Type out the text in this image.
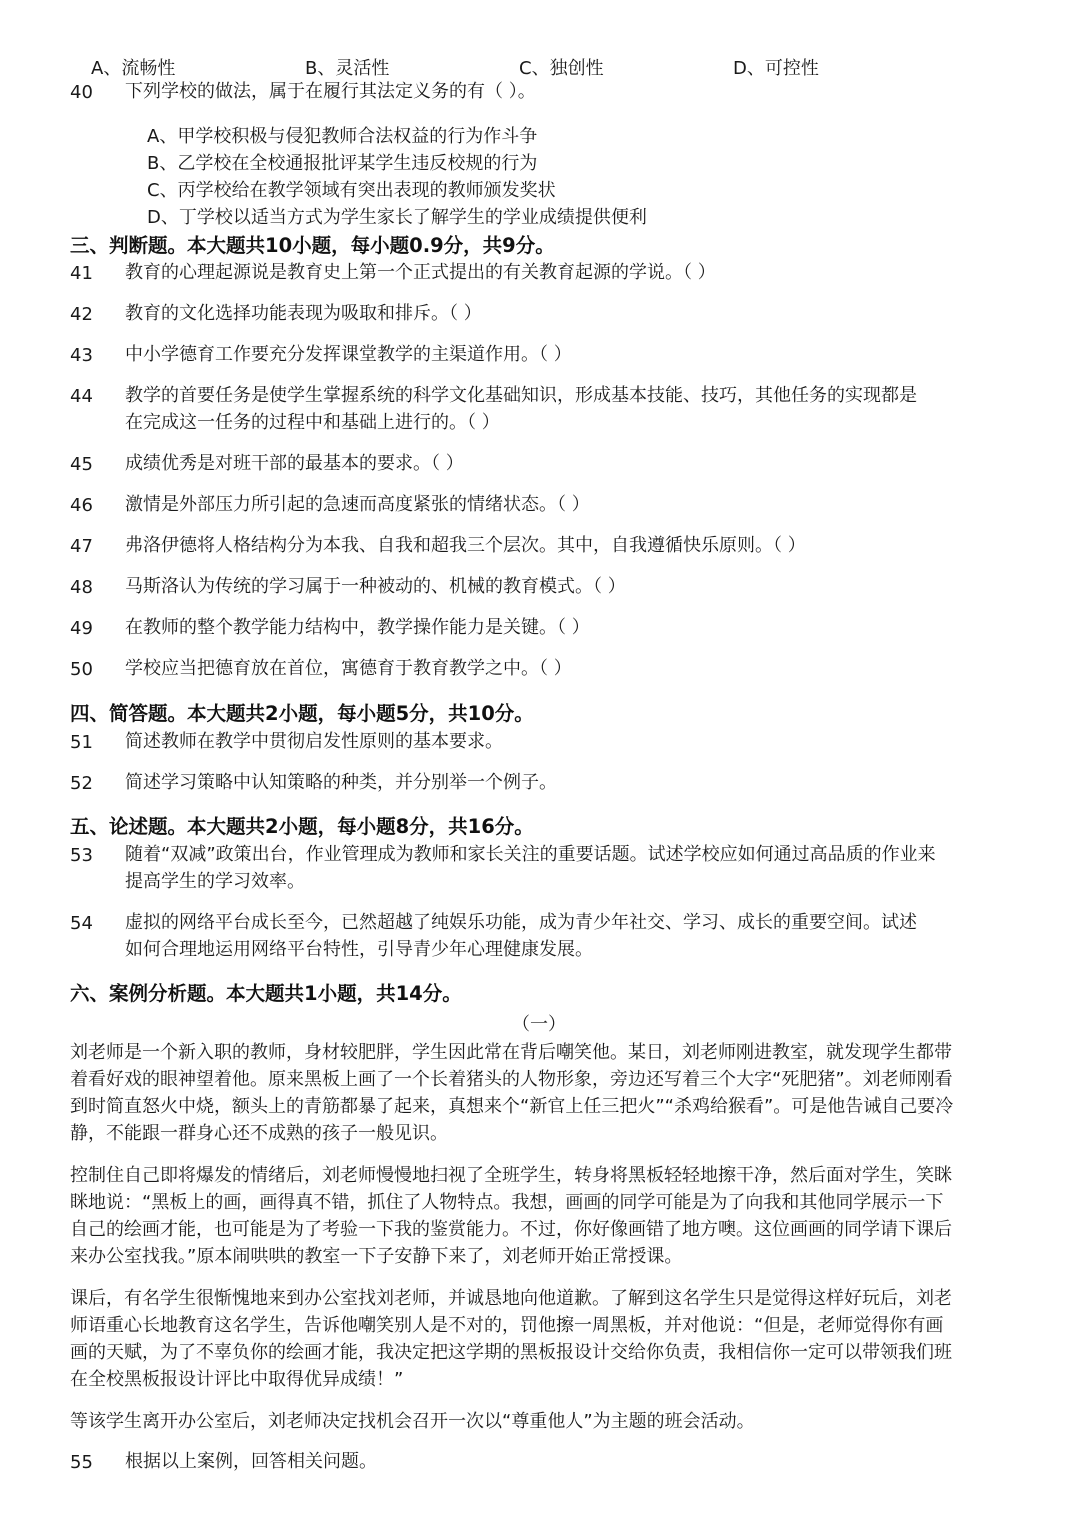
A、流畅性	B、灵活性	C、独创性	D、可控性
40	下列学校的做法，属于在履行其法定义务的有（ ）。
A、甲学校积极与侵犯教师合法权益的行为作斗争
B、乙学校在全校通报批评某学生违反校规的行为
C、丙学校给在教学领域有突出表现的教师颁发奖状
D、丁学校以适当方式为学生家长了解学生的学业成绩提供便利
三、判断题。本大题共10小题，每小题0.9分，共9分。
41	教育的心理起源说是教育史上第一个正式提出的有关教育起源的学说。（ ）
42	教育的文化选择功能表现为吸取和排斥。（ ）
43	中小学德育工作要充分发挥课堂教学的主渠道作用。（ ）
44	教学的首要任务是使学生掌握系统的科学文化基础知识，形成基本技能、技巧，其他任务的实现都是
在完成这一任务的过程中和基础上进行的。（ ）
45	成绩优秀是对班干部的最基本的要求。（ ）
46	激情是外部压力所引起的急速而高度紧张的情绪状态。（ ）
47	弗洛伊德将人格结构分为本我、自我和超我三个层次。其中，自我遵循快乐原则。（ ）
48	马斯洛认为传统的学习属于一种被动的、机械的教育模式。（ ）
49	在教师的整个教学能力结构中，教学操作能力是关键。（ ）
50	学校应当把德育放在首位，寓德育于教育教学之中。（ ）
四、简答题。本大题共2小题，每小题5分，共10分。
51	简述教师在教学中贯彻启发性原则的基本要求。
52	简述学习策略中认知策略的种类，并分别举一个例子。
五、论述题。本大题共2小题，每小题8分，共16分。
53	随着“双减”政策出台，作业管理成为教师和家长关注的重要话题。试述学校应如何通过高品质的作业来
提高学生的学习效率。
54	虚拟的网络平台成长至今，已然超越了纯娱乐功能，成为青少年社交、学习、成长的重要空间。试述
如何合理地运用网络平台特性，引导青少年心理健康发展。
六、案例分析题。本大题共1小题，共14分。
（一）
刘老师是一个新入职的教师，身材较肥胖，学生因此常在背后嘲笑他。某日，刘老师刚进教室，就发现学生都带
着看好戏的眼神望着他。原来黑板上画了一个长着猪头的人物形象，旁边还写着三个大字“死肥猪”。刘老师刚看
到时简直怒火中烧，额头上的青筋都暴了起来，真想来个“新官上任三把火”“杀鸡给猴看”。可是他告诫自己要冷
静，不能跟一群身心还不成熟的孩子一般见识。
控制住自己即将爆发的情绪后，刘老师慢慢地扫视了全班学生，转身将黑板轻轻地擦干净，然后面对学生，笑眯
眯地说：“黑板上的画，画得真不错，抓住了人物特点。我想，画画的同学可能是为了向我和其他同学展示一下
自己的绘画才能，也可能是为了考验一下我的鉴赏能力。不过，你好像画错了地方噢。这位画画的同学请下课后
来办公室找我。”原本闹哄哄的教室一下子安静下来了，刘老师开始正常授课。
课后，有名学生很惭愧地来到办公室找刘老师，并诚恳地向他道歉。了解到这名学生只是觉得这样好玩后，刘老
师语重心长地教育这名学生，告诉他嘲笑别人是不对的，罚他擦一周黑板，并对他说：“但是，老师觉得你有画
画的天赋，为了不辜负你的绘画才能，我决定把这学期的黑板报设计交给你负责，我相信你一定可以带领我们班
在全校黑板报设计评比中取得优异成绩！”
等该学生离开办公室后，刘老师决定找机会召开一次以“尊重他人”为主题的班会活动。
55	根据以上案例，回答相关问题。
